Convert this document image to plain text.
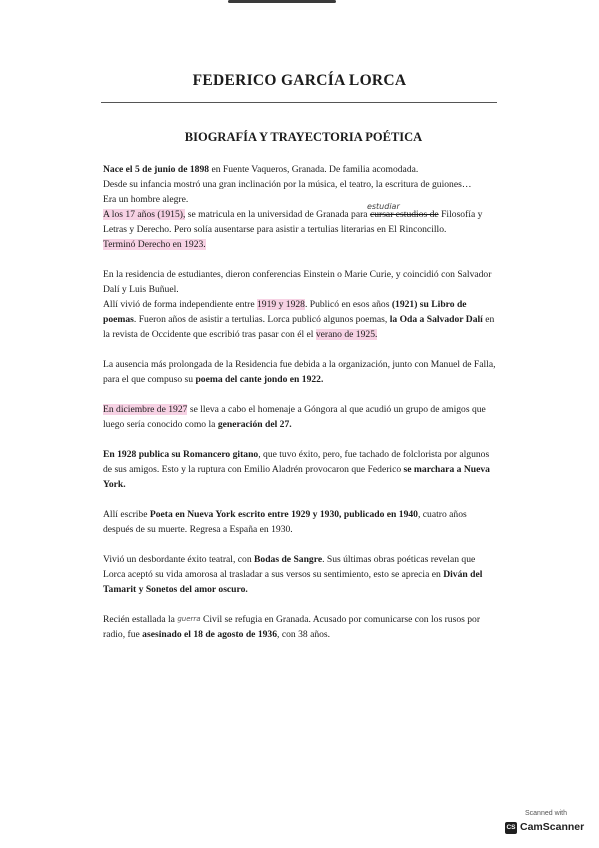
FEDERICO GARCÍA LORCA
BIOGRAFÍA Y TRAYECTORIA POÉTICA

Nace el 5 de junio de 1898 en Fuente Vaqueros, Granada. De familia acomodada.
Desde su infancia mostró una gran inclinación por la música, el teatro, la escritura de guiones…
Era un hombre alegre.
A los 17 años (1915), se matricula en la universidad de Granada para
estudiar
cursar estudios de Filosofía y Letras y Derecho. Pero solía ausentarse para asistir a tertulias literarias en El Rinconcillo.
Terminó Derecho en 1923.

En la residencia de estudiantes, dieron conferencias Einstein o Marie Curie, y coincidió con Salvador Dalí y Luis Buñuel.
Allí vivió de forma independiente entre 1919 y 1928. Publicó en esos años (1921) su Libro de poemas. Fueron años de asistir a tertulias. Lorca publicó algunos poemas, la Oda a Salvador Dalí en la revista de Occidente que escribió tras pasar con él el verano de 1925.

La ausencia más prolongada de la Residencia fue debida a la organización, junto con Manuel de Falla, para el que compuso su poema del cante jondo en 1922.

En diciembre de 1927 se lleva a cabo el homenaje a Góngora al que acudió un grupo de amigos que luego sería conocido como la generación del 27.

En 1928 publica su Romancero gitano, que tuvo éxito, pero, fue tachado de folclorista por algunos de sus amigos. Esto y la ruptura con Emilio Aladrén provocaron que Federico se marchara a Nueva York.

Allí escribe Poeta en Nueva York escrito entre 1929 y 1930, publicado en 1940, cuatro años después de su muerte. Regresa a España en 1930.

Vivió un desbordante éxito teatral, con Bodas de Sangre. Sus últimas obras poéticas revelan que Lorca aceptó su vida amorosa al trasladar a sus versos su sentimiento, esto se aprecia en Diván del Tamarit y Sonetos del amor oscuro.

Recién estallada la guerra Civil se refugia en Granada. Acusado por comunicarse con los rusos por radio, fue asesinado el 18 de agosto de 1936, con 38 años.

Scanned with
CS CamScanner
